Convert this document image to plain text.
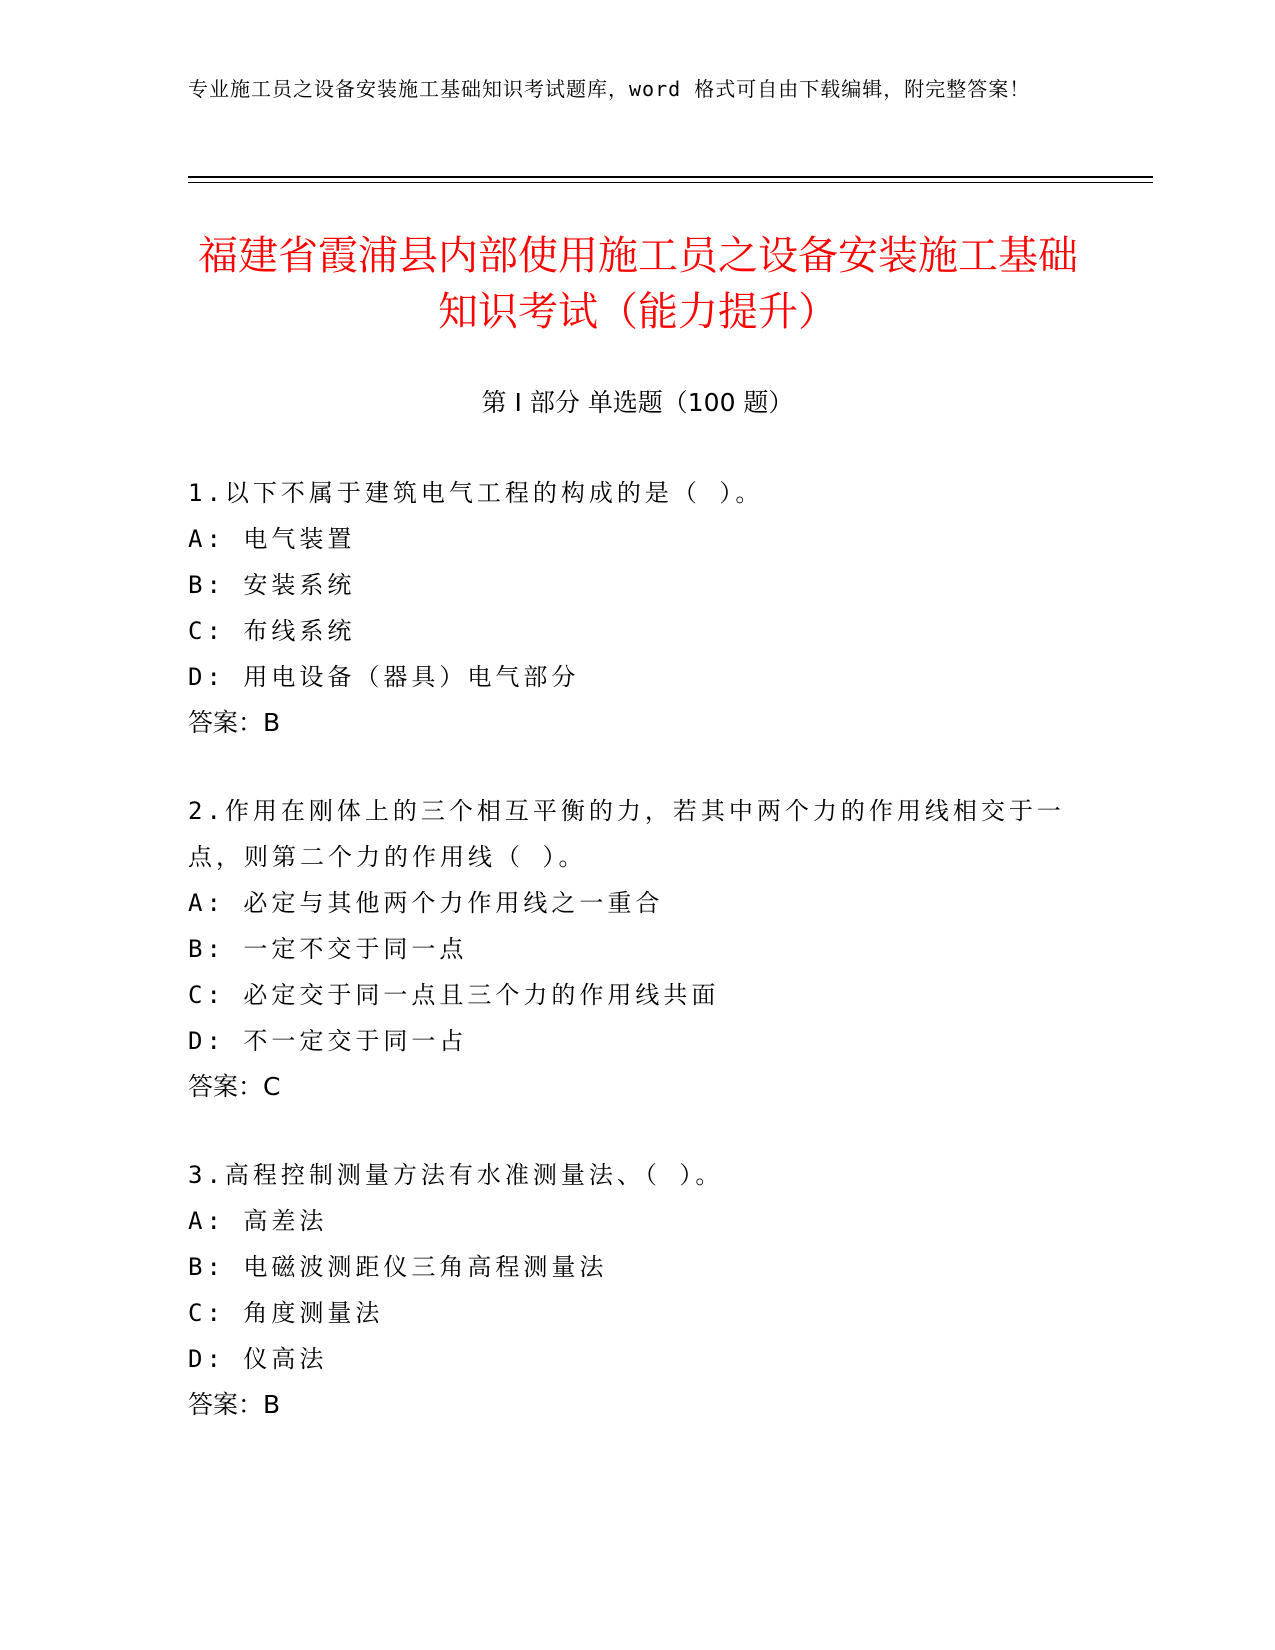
专业施工员之设备安装施工基础知识考试题库，word 格式可自由下载编辑，附完整答案！
福建省霞浦县内部使用施工员之设备安装施工基础知识考试（能力提升）
第 I 部分 单选题（100 题）
1.以下不属于建筑电气工程的构成的是（ ）。
A: 电气装置
B: 安装系统
C: 布线系统
D: 用电设备（器具）电气部分
答案：B
2.作用在刚体上的三个相互平衡的力，若其中两个力的作用线相交于一点，则第二个力的作用线（ ）。
A: 必定与其他两个力作用线之一重合
B: 一定不交于同一点
C: 必定交于同一点且三个力的作用线共面
D: 不一定交于同一占
答案：C
3.高程控制测量方法有水准测量法、（ ）。
A: 高差法
B: 电磁波测距仪三角高程测量法
C: 角度测量法
D: 仪高法
答案：B
